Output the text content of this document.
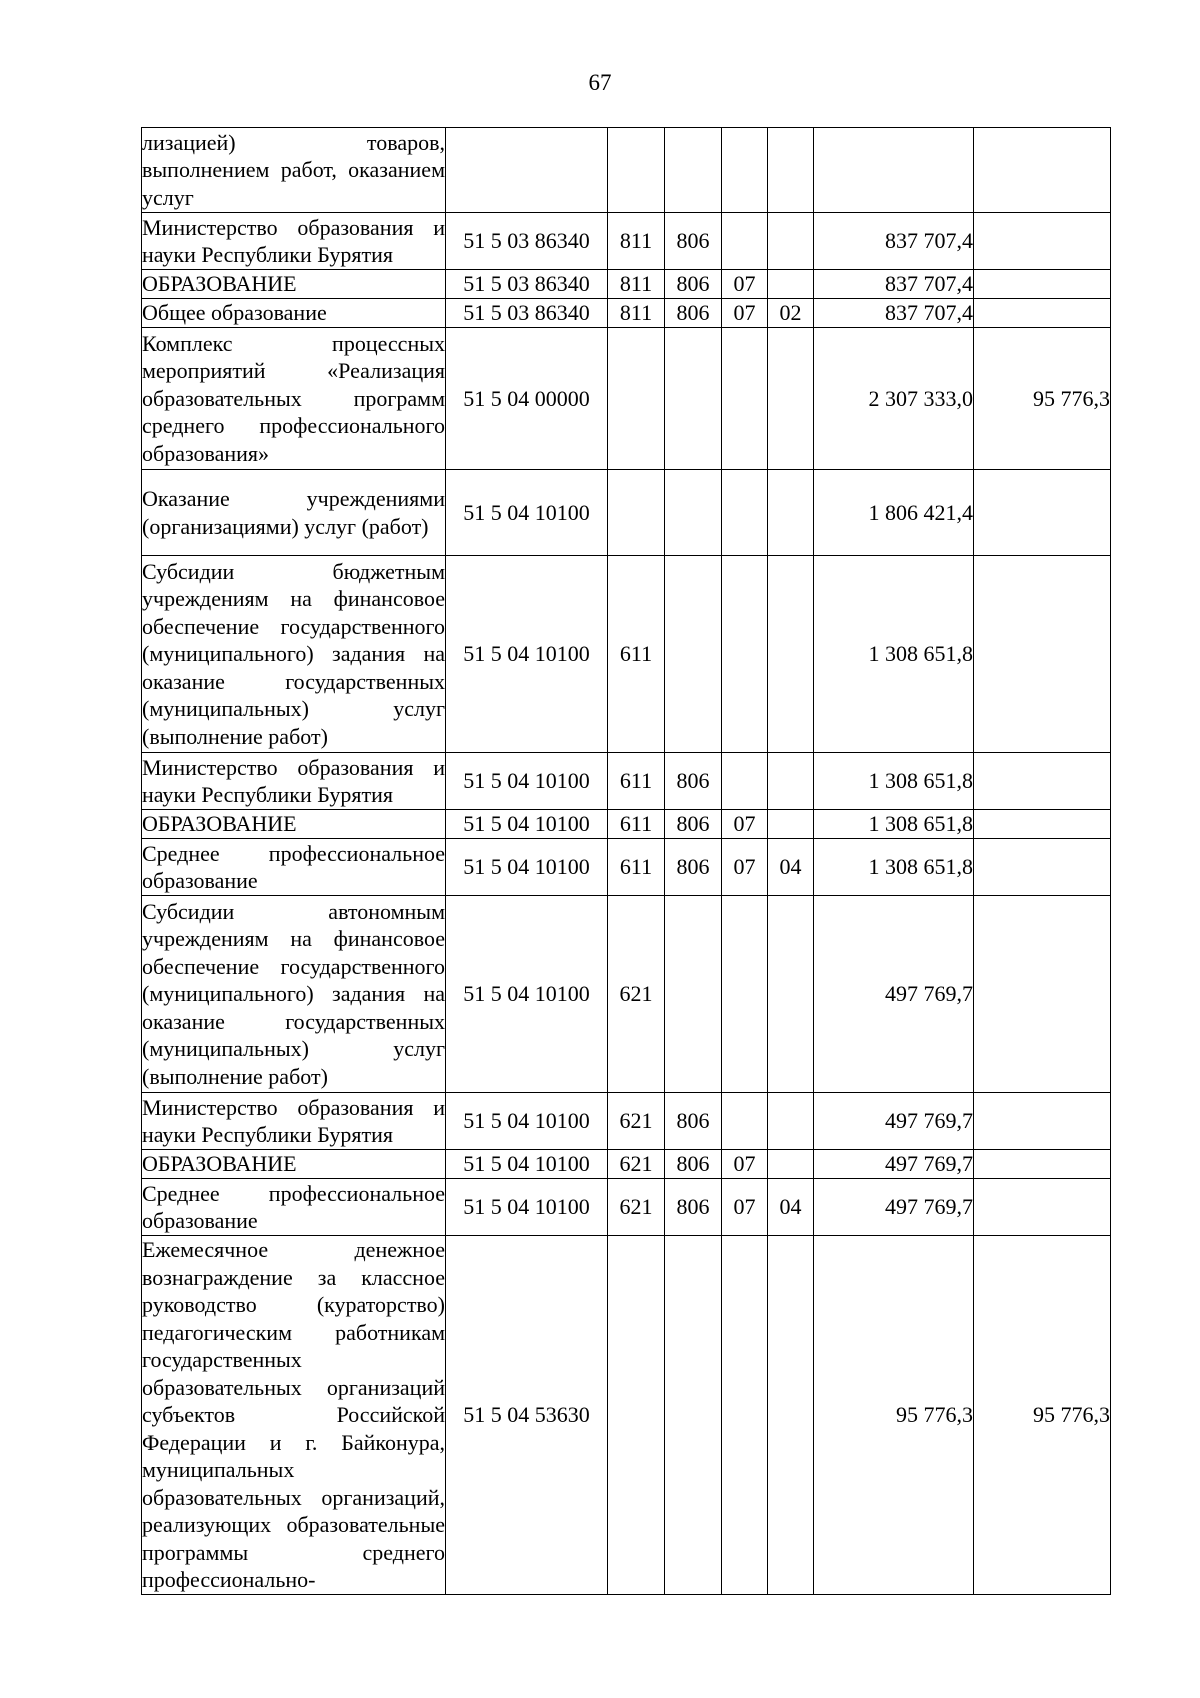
67
лизацией) товаров, выполнением работ, оказанием услуг							
Министерство образования и науки Республики Бурятия	51 5 03 86340	811	806			837 707,4	
ОБРАЗОВАНИЕ	51 5 03 86340	811	806	07		837 707,4	
Общее образование	51 5 03 86340	811	806	07	02	837 707,4	
Комплекс процессных мероприятий «Реализация образовательных программ среднего профессионального образования»	51 5 04 00000					2 307 333,0	95 776,3
Оказание учреждениями (организациями) услуг (работ)	51 5 04 10100					1 806 421,4	
Субсидии бюджетным учреждениям на финансовое обеспечение государственного (муниципального) задания на оказание государственных (муниципальных) услуг (выполнение работ)	51 5 04 10100	611				1 308 651,8	
Министерство образования и науки Республики Бурятия	51 5 04 10100	611	806			1 308 651,8	
ОБРАЗОВАНИЕ	51 5 04 10100	611	806	07		1 308 651,8	
Среднее профессиональное образование	51 5 04 10100	611	806	07	04	1 308 651,8	
Субсидии автономным учреждениям на финансовое обеспечение государственного (муниципального) задания на оказание государственных (муниципальных) услуг (выполнение работ)	51 5 04 10100	621				497 769,7	
Министерство образования и науки Республики Бурятия	51 5 04 10100	621	806			497 769,7	
ОБРАЗОВАНИЕ	51 5 04 10100	621	806	07		497 769,7	
Среднее профессиональное образование	51 5 04 10100	621	806	07	04	497 769,7	
Ежемесячное денежное вознаграждение за классное руководство (кураторство) педагогическим работникам государственных образовательных организаций субъектов Российской Федерации и г. Байконура, муниципальных образовательных организаций, реализующих образовательные программы среднего профессионально-	51 5 04 53630					95 776,3	95 776,3
